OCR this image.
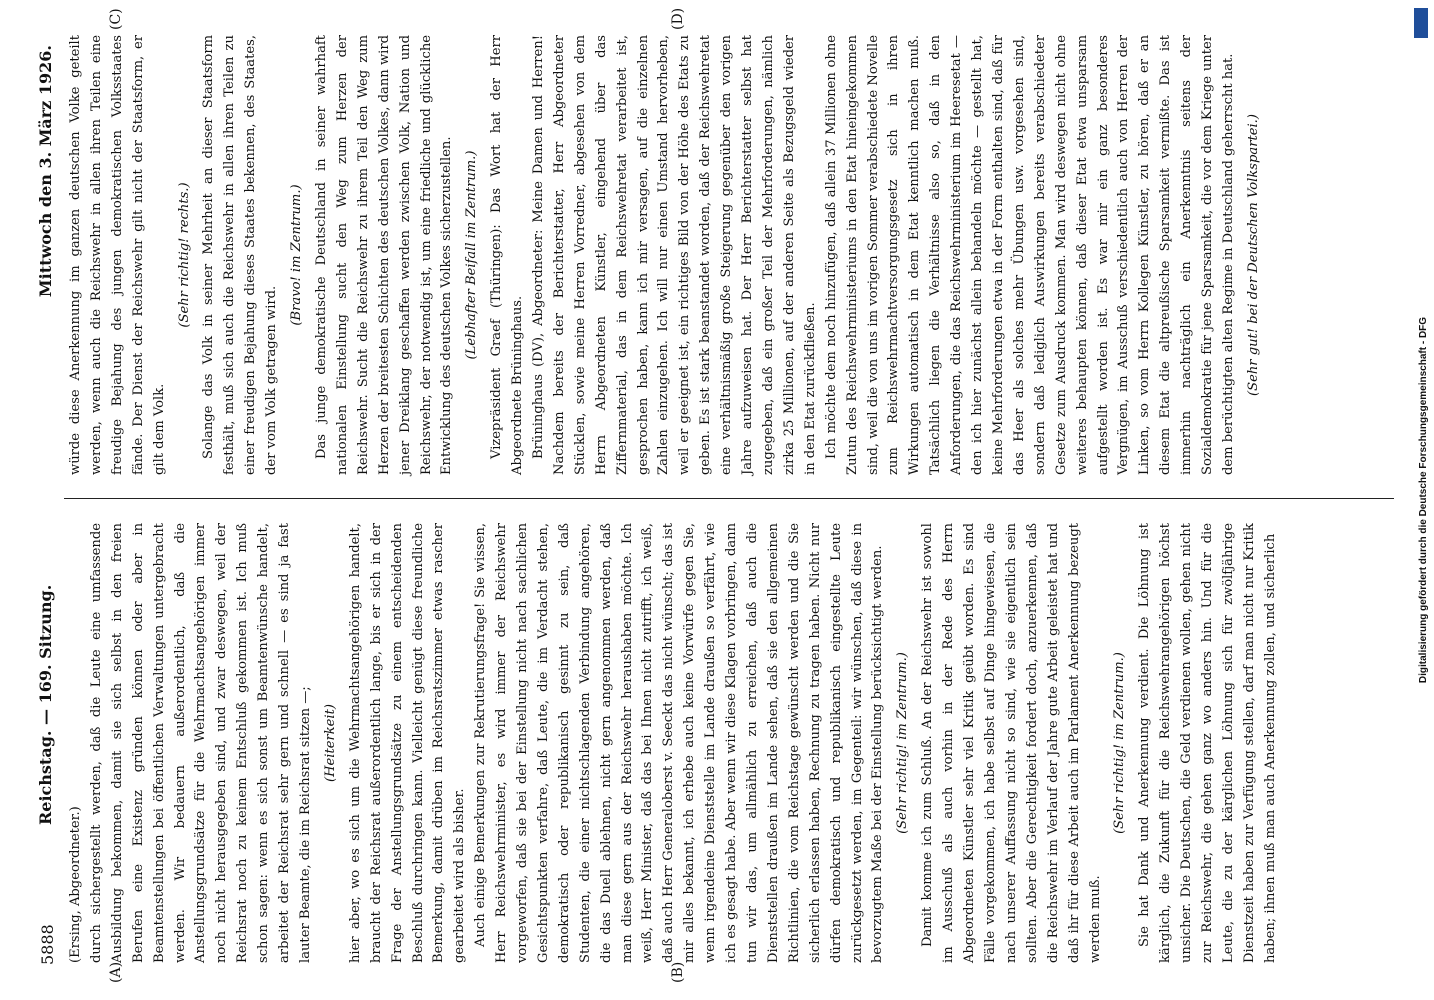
5888
Reichstag. — 169. Sitzung.
Mittwoch den 3. März 1926.
(A)	(B)
(C)	(D)

(Ersing, Abgeordneter.) durch sichergestellt werden, daß die Leute eine umfassende Ausbildung bekommen, damit sie sich selbst in den freien Berufen eine Existenz gründen können oder aber in Beamtenstellungen bei öffentlichen Verwaltungen untergebracht werden. Wir bedauern außerordentlich, daß die Anstellungsgrundsätze für die Wehrmachtsangehörigen immer noch nicht herausgegeben sind, und zwar deswegen, weil der Reichsrat noch zu keinem Entschluß gekommen ist. Ich muß schon sagen: wenn es sich sonst um Beamtenwünsche handelt, arbeitet der Reichsrat sehr gern und schnell — es sind ja fast lauter Beamte, die im Reichsrat sitzen —; (Heiterkeit) hier aber, wo es sich um die Wehrmachtsangehörigen handelt, braucht der Reichsrat außerordentlich lange, bis er sich in der Frage der Anstellungsgrundsätze zu einem entscheidenden Beschluß durchringen kann. Vielleicht genügt diese freundliche Bemerkung, damit drüben im Reichsratszimmer etwas rascher gearbeitet wird als bisher. Auch einige Bemerkungen zur Rekrutierungsfrage! Sie wissen, Herr Reichswehrminister, es wird immer der Reichswehr vorgeworfen, daß sie bei der Einstellung nicht nach sachlichen Gesichtspunkten verfahre, daß Leute, die im Verdacht stehen, demokratisch oder republikanisch gesinnt zu sein, daß Studenten, die einer nichtschlagenden Verbindung angehören, die das Duell ablehnen, nicht gern angenommen werden, daß man diese gern aus der Reichswehr heraushaben möchte. Ich weiß, Herr Minister, daß das bei Ihnen nicht zutrifft, ich weiß, daß auch Herr Generaloberst v. Seeckt das nicht wünscht; das ist mir alles bekannt, ich erhebe auch keine Vorwürfe gegen Sie, wenn irgendeine Dienststelle im Lande draußen so verfährt, wie ich es gesagt habe. Aber wenn wir diese Klagen vorbringen, dann tun wir das, um allmählich zu erreichen, daß auch die Dienststellen draußen im Lande sehen, daß sie den allgemeinen Richtlinien, die vom Reichstage gewünscht werden und die Sie sicherlich erlassen haben, Rechnung zu tragen haben. Nicht nur dürfen demokratisch und republikanisch eingestellte Leute zurückgesetzt werden, im Gegenteil: wir wünschen, daß diese in bevorzugtem Maße bei der Einstellung berücksichtigt werden. (Sehr richtig! im Zentrum.) Damit komme ich zum Schluß. An der Reichswehr ist sowohl im Ausschuß als auch vorhin in der Rede des Herrn Abgeordneten Künstler sehr viel Kritik geübt worden. Es sind Fälle vorgekommen, ich habe selbst auf Dinge hingewiesen, die nach unserer Auffassung nicht so sind, wie sie eigentlich sein sollten. Aber die Gerechtigkeit fordert doch, anzuerkennen, daß die Reichswehr im Verlauf der Jahre gute Arbeit geleistet hat und daß ihr für diese Arbeit auch im Parlament Anerkennung bezeugt werden muß.

(Sehr richtig! im Zentrum.) Sie hat Dank und Anerkennung verdient. Die Löhnung ist kärglich, die Zukunft für die Reichswehrangehörigen höchst unsicher. Die Deutschen, die Geld verdienen wollen, gehen nicht zur Reichswehr, die gehen ganz wo anders hin. Und für die Leute, die zu der kärglichen Löhnung sich für zwölfjährige Dienstzeit haben zur Verfügung stellen, darf man nicht nur Kritik haben; ihnen muß man auch Anerkennung zollen, und sicherlich

würde diese Anerkennung im ganzen deutschen Volke geteilt werden, wenn auch die Reichswehr in allen ihren Teilen eine freudige Bejahung des jungen demokratischen Volksstaates fände. Der Dienst der Reichswehr gilt nicht der Staatsform, er gilt dem Volk.

(Sehr richtig! rechts.) Solange das Volk in seiner Mehrheit an dieser Staatsform festhält, muß sich auch die Reichswehr in allen ihren Teilen zu einer freudigen Bejahung dieses Staates bekennen, des Staates, der vom Volk getragen wird.

(Bravo! im Zentrum.) Das junge demokratische Deutschland in seiner wahrhaft nationalen Einstellung sucht den Weg zum Herzen der Reichswehr. Sucht die Reichswehr zu ihrem Teil den Weg zum Herzen der breitesten Schichten des deutschen Volkes, dann wird jener Dreiklang geschaffen werden zwischen Volk, Nation und Reichswehr, der notwendig ist, um eine friedliche und glückliche Entwicklung des deutschen Volkes sicherzustellen. (Lebhafter Beifall im Zentrum.) Vizepräsident Graef (Thüringen): Das Wort hat der Herr Abgeordnete Brüninghaus. Brüninghaus (DV), Abgeordneter: Meine Damen und Herren! Nachdem bereits der Berichterstatter, Herr Abgeordneter Stücklen, sowie meine Herren Vorredner, abgesehen von dem Herrn Abgeordneten Künstler, eingehend über das Ziffernmaterial, das in dem Reichswehretat verarbeitet ist, gesprochen haben, kann ich mir versagen, auf die einzelnen Zahlen einzugehen. Ich will nur einen Umstand hervorheben, weil er geeignet ist, ein richtiges Bild von der Höhe des Etats zu geben. Es ist stark beanstandet worden, daß der Reichswehretat eine verhältnismäßig große Steigerung gegenüber den vorigen Jahre aufzuweisen hat. Der Herr Berichterstatter selbst hat zugegeben, daß ein großer Teil der Mehrforderungen, nämlich zirka 25 Millionen, auf der anderen Seite als Bezugsgeld wieder in den Etat zurückfließen. Ich möchte dem noch hinzufügen, daß allein 37 Millionen ohne Zutun des Reichswehrministeriums in den Etat hineingekommen sind, weil die von uns im vorigen Sommer verabschiedete Novelle zum Reichswehrmachtversorgungsgesetz sich in ihren Wirkungen automatisch in dem Etat kenntlich machen muß. Tatsächlich liegen die Verhältnisse also so, daß in den Anforderungen, die das Reichswehrministerium im Heeresetat — den ich hier zunächst allein behandeln möchte — gestellt hat, keine Mehrforderungen etwa in der Form enthalten sind, daß für das Heer als solches mehr Übungen usw. vorgesehen sind, sondern daß lediglich Auswirkungen bereits verabschiedeter Gesetze zum Ausdruck kommen. Man wird deswegen nicht ohne weiteres behaupten können, daß dieser Etat etwa unsparsam aufgestellt worden ist. Es war mir ein ganz besonderes Vergnügen, im Ausschuß verschiedentlich auch von Herren der Linken, so vom Herrn Kollegen Künstler, zu hören, daß er an diesem Etat die altpreußische Sparsamkeit vermißte. Das ist immerhin nachträglich ein Anerkenntnis seitens der Sozialdemokratie für jene Sparsamkeit, die vor dem Kriege unter dem berüchtigten alten Regime in Deutschland geherrscht hat. (Sehr gut! bei der Deutschen Volkspartei.)

Digitalisierung gefördert durch die Deutsche Forschungsgemeinschaft - DFG
